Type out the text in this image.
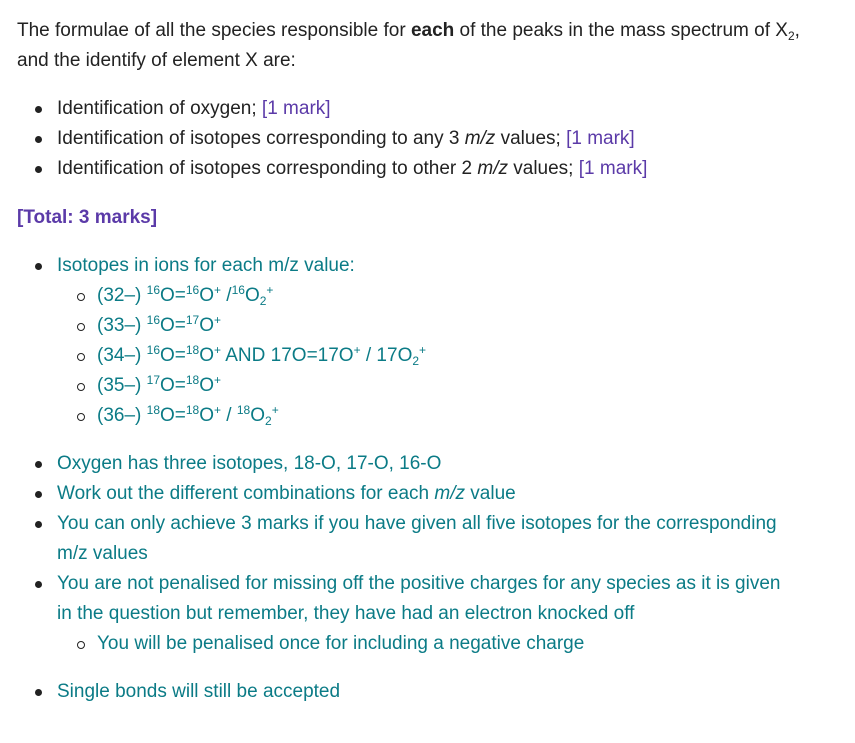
The formulae of all the species responsible for each of the peaks in the mass spectrum of $X_2$, and the identify of element X are:

Identification of oxygen; [1 mark]
Identification of isotopes corresponding to any 3 m/z values; [1 mark]
Identification of isotopes corresponding to other 2 m/z values; [1 mark]

[Total: 3 marks]

Isotopes in ions for each m/z value:
(32–) $^{16}$O=$^{16}$O+ $/^{16}O_2^+$
(33–) $^{16}$O=$^{17}$O+
(34–) $^{16}$O=$^{18}$O+ AND $17O=17O^+ / 17O_2^+$
(35–) $^{17}$O=$^{18}$O+
(36–) $^{18}O=^{18}O^+ / ^{18}O_2^+$
Oxygen has three isotopes, 18-O, 17-O, 16-O
Work out the different combinations for each m/z value
You can only achieve 3 marks if you have given all five isotopes for the corresponding m/z values
You are not penalised for missing off the positive charges for any species as it is given in the question but remember, they have had an electron knocked off
You will be penalised once for including a negative charge
Single bonds will still be accepted
